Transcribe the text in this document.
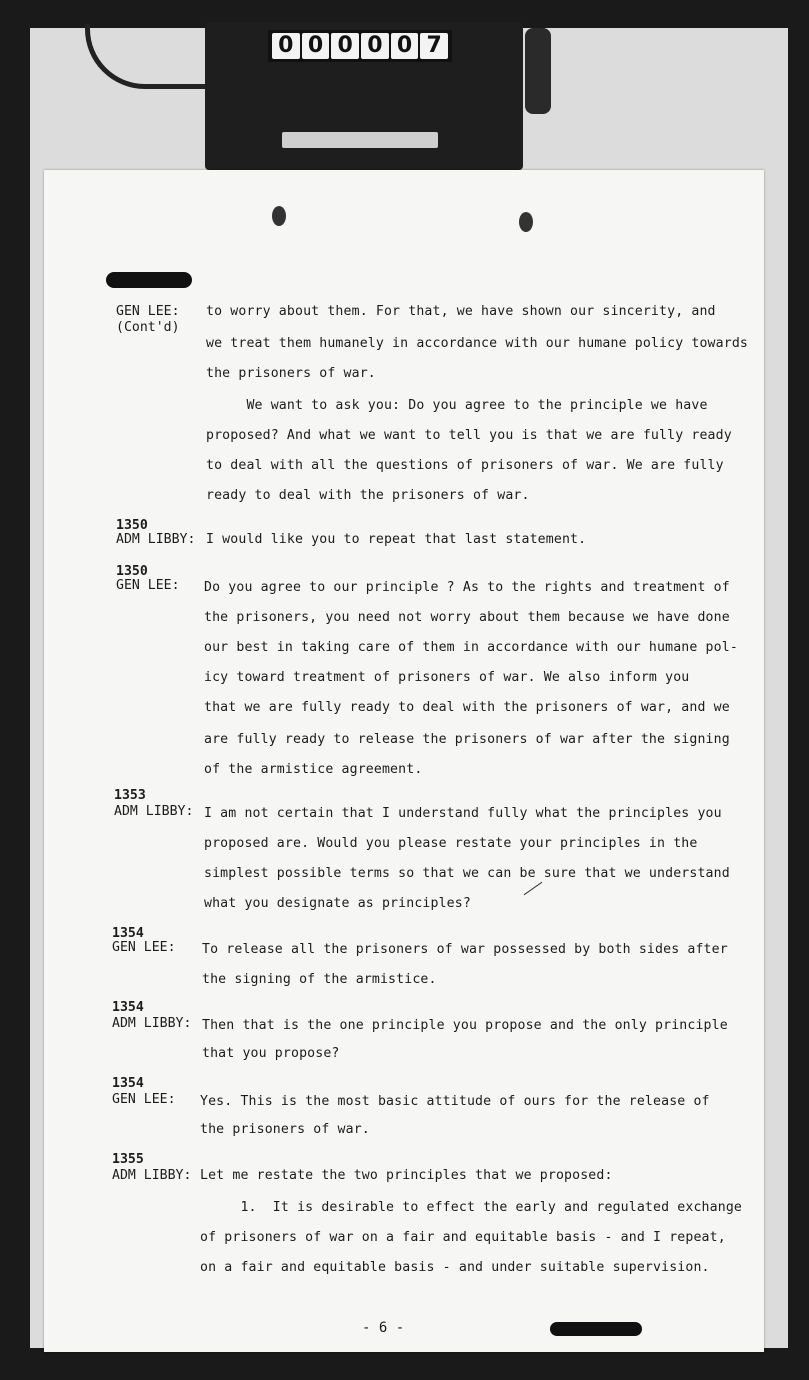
0 0 0 0 0 7
GEN LEE:
(Cont'd)
to worry about them. For that, we have shown our sincerity, and
we treat them humanely in accordance with our humane policy towards
the prisoners of war.
We want to ask you: Do you agree to the principle we have
proposed? And what we want to tell you is that we are fully ready
to deal with all the questions of prisoners of war. We are fully
ready to deal with the prisoners of war.
1350
ADM LIBBY: I would like you to repeat that last statement.
1350
GEN LEE: Do you agree to our principle ? As to the rights and treatment of
the prisoners, you need not worry about them because we have done
our best in taking care of them in accordance with our humane pol-
icy toward treatment of prisoners of war. We also inform you
that we are fully ready to deal with the prisoners of war, and we
are fully ready to release the prisoners of war after the signing
of the armistice agreement.
1353
ADM LIBBY: I am not certain that I understand fully what the principles you
proposed are. Would you please restate your principles in the
simplest possible terms so that we can be sure that we understand
what you designate as principles?
1354
GEN LEE: To release all the prisoners of war possessed by both sides after
the signing of the armistice.
1354
ADM LIBBY: Then that is the one principle you propose and the only principle
that you propose?
1354
GEN LEE: Yes. This is the most basic attitude of ours for the release of
the prisoners of war.
1355
ADM LIBBY: Let me restate the two principles that we proposed:
1.  It is desirable to effect the early and regulated exchange
of prisoners of war on a fair and equitable basis - and I repeat,
on a fair and equitable basis - and under suitable supervision.
- 6 -
